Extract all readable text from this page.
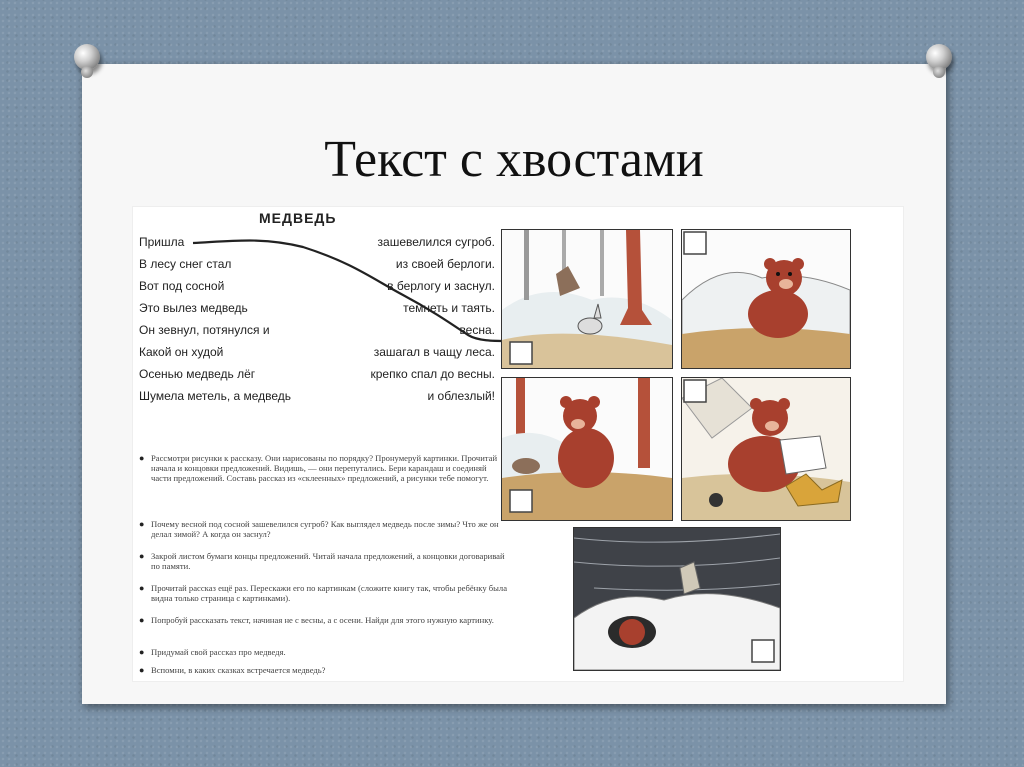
Текст с хвостами
МЕДВЕДЬ
Пришла	зашевелился сугроб.
В лесу снег стал	из своей берлоги.
Вот под сосной	в берлогу и заснул.
Это вылез медведь	темнеть и таять.
Он зевнул, потянулся и	весна.
Какой он худой	зашагал в чащу леса.
Осенью медведь лёг	крепко спал до весны.
Шумела метель, а медведь	и облезлый!
● Рассмотри рисунки к рассказу. Они нарисованы по порядку? Пронумеруй картинки. Прочитай начала и концовки предложений. Видишь, — они перепутались. Бери карандаш и соединяй части предложений. Составь рассказ из «склеенных» предложений, а рисунки тебе помогут.
● Почему весной под сосной зашевелился сугроб? Как выглядел медведь после зимы? Что же он делал зимой? А когда он заснул?
● Закрой листом бумаги концы предложений. Читай начала предложений, а концовки договаривай по памяти.
● Прочитай рассказ ещё раз. Перескажи его по картинкам (сложите книгу так, чтобы ребёнку была видна только страница с картинками).
● Попробуй рассказать текст, начиная не с весны, а с осени. Найди для этого нужную картинку.
● Придумай свой рассказ про медведя.
● Вспомни, в каких сказках встречается медведь?
